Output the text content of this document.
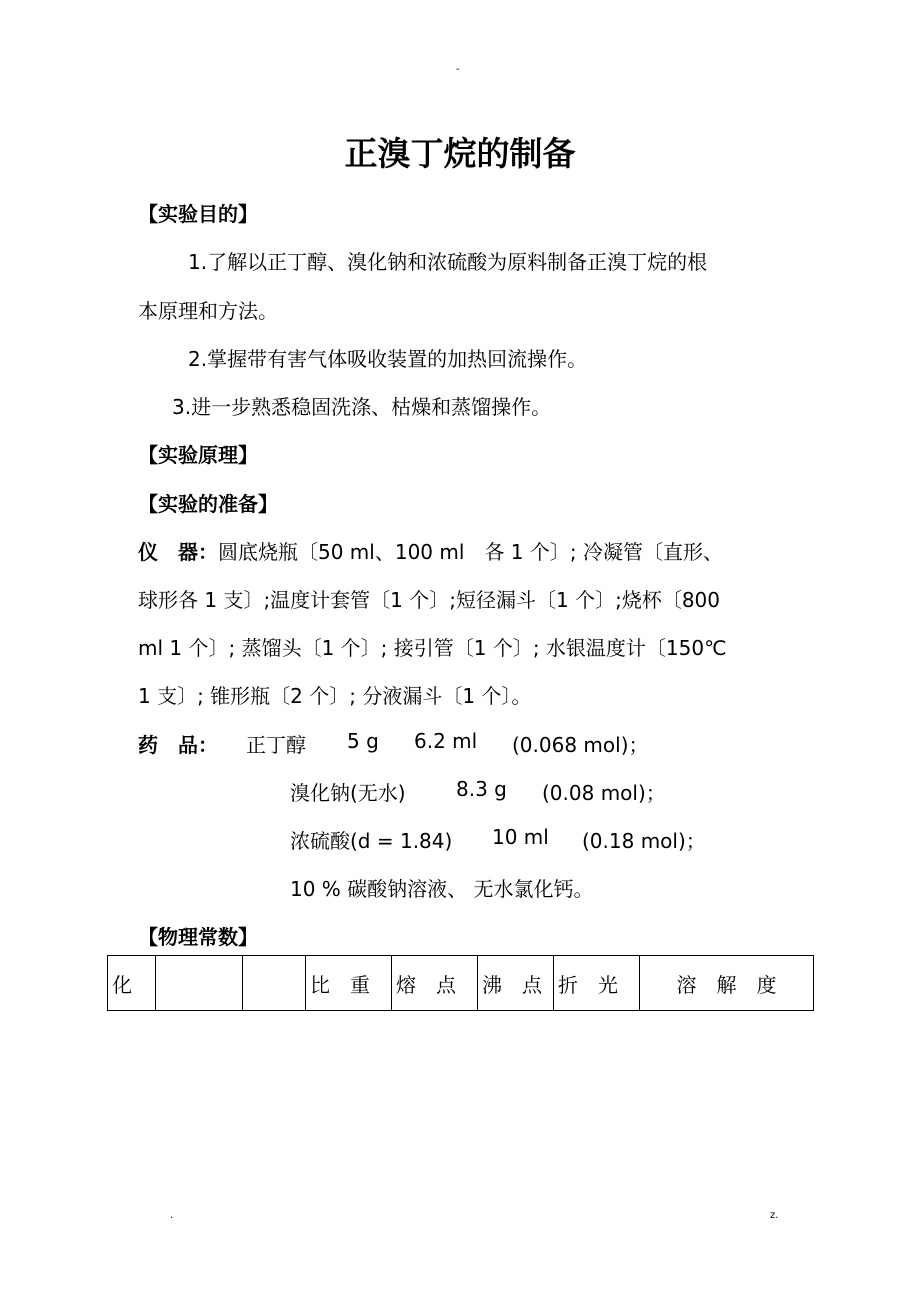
-
.	z.
正溴丁烷的制备
【实验目的】
1.了解以正丁醇、溴化钠和浓硫酸为原料制备正溴丁烷的根
本原理和方法。
2.掌握带有害气体吸收装置的加热回流操作。
3.进一步熟悉稳固洗涤、枯燥和蒸馏操作。
【实验原理】
【实验的准备】
仪　器：圆底烧瓶〔50 ml、100 ml　各 1 个〕; 冷凝管〔直形、
球形各 1 支〕;温度计套管〔1 个〕;短径漏斗〔1 个〕;烧杯〔800
ml 1 个〕; 蒸馏头〔1 个〕; 接引管〔1 个〕; 水银温度计〔150℃
1 支〕; 锥形瓶〔2 个〕; 分液漏斗〔1 个〕。
药　品： 正丁醇 5 g 6.2 ml (0.068 mol)；
溴化钠(无水)	8.3 g (0.08 mol)；
浓硫酸(d = 1.84) 10 ml (0.18 mol)；
10 % 碳酸钠溶液、 无水氯化钙。
【物理常数】
化			比　重	熔　点	沸　点	折　光	溶　解　度
